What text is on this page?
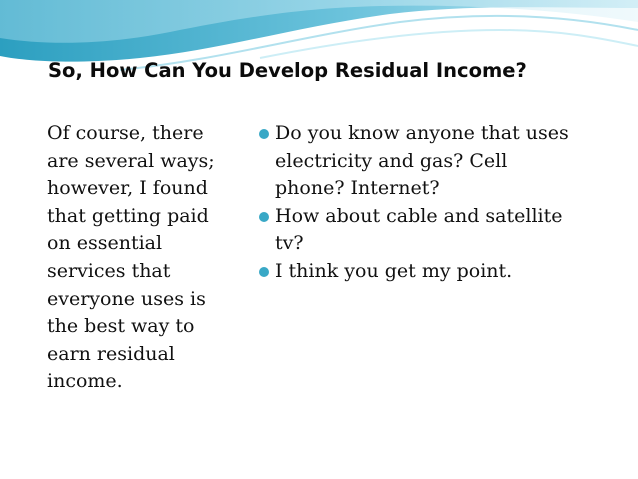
So, How Can You Develop Residual Income?

Of course, there
are several ways;
however, I found
that getting paid
on essential
services that
everyone uses is
the best way to
earn residual
income.

Do you know anyone that uses
electricity and gas? Cell
phone? Internet?
How about cable and satellite
tv?
I think you get my point.
